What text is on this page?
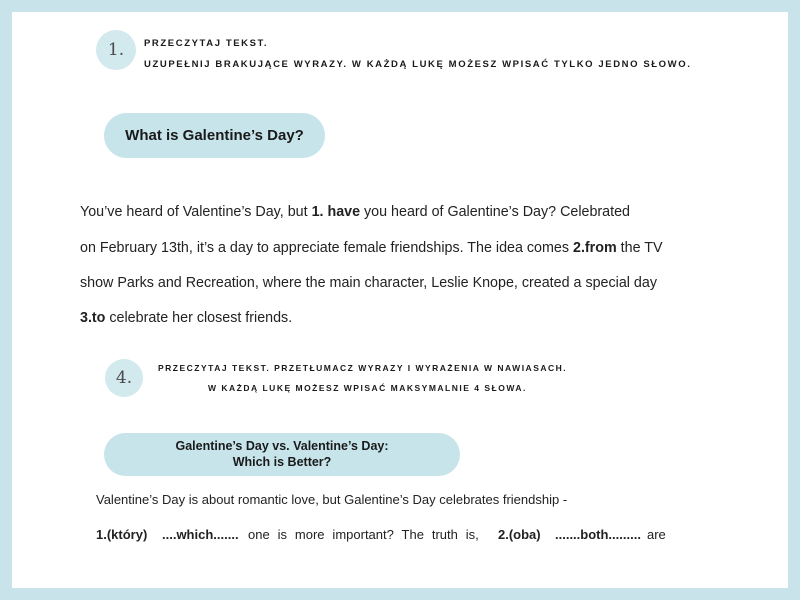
1. PRZECZYTAJ TEKST.
UZUPEŁNIJ BRAKUJĄCE WYRAZY. W KAŻDĄ LUKĘ MOŻESZ WPISAĆ TYLKO JEDNO SŁOWO.
What is Galentine’s Day?
You’ve heard of Valentine’s Day, but 1. have you heard of Galentine’s Day? Celebrated
on February 13th, it’s a day to appreciate female friendships. The idea comes 2.from the TV
show Parks and Recreation, where the main character, Leslie Knope, created a special day
3.to celebrate her closest friends.
4.	PRZECZYTAJ TEKST. PRZETŁUMACZ WYRAZY I WYRAŻENIA W NAWIASACH.
W KAŻDĄ LUKĘ MOŻESZ WPISAĆ MAKSYMALNIE 4 SŁOWA.
Galentine’s Day vs. Valentine’s Day:
Which is Better?
Valentine’s Day is about romantic love, but Galentine’s Day celebrates friendship -
1.(który) ....which....... one is more important? The truth is, 2.(oba) .......both......... are
